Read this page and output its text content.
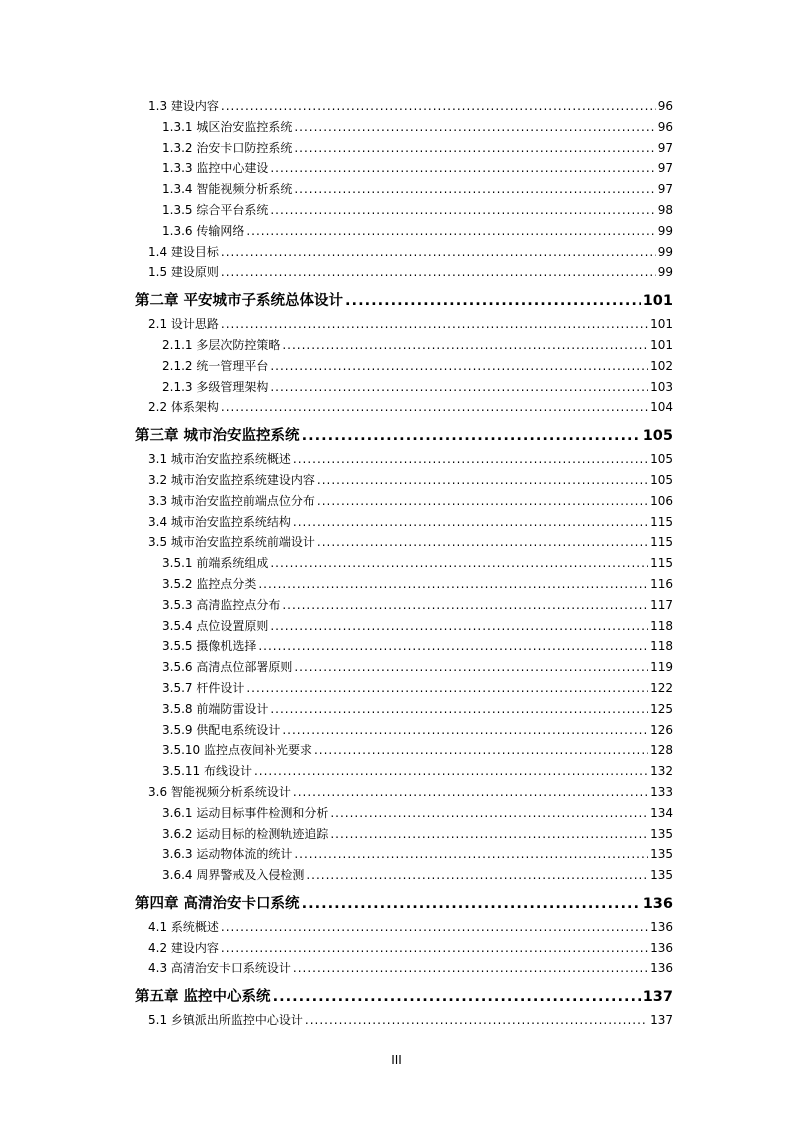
1.3 建设内容 .....	96
1.3.1 城区治安监控系统 .....	96
1.3.2 治安卡口防控系统 .....	97
1.3.3 监控中心建设 .....	97
1.3.4 智能视频分析系统 .....	97
1.3.5 综合平台系统 .....	98
1.3.6 传输网络 .....	99
1.4 建设目标 .....	99
1.5 建设原则 .....	99
第二章 平安城市子系统总体设计 .....	101
2.1 设计思路 .....	101
2.1.1 多层次防控策略 .....	101
2.1.2 统一管理平台 .....	102
2.1.3 多级管理架构 .....	103
2.2 体系架构 .....	104
第三章 城市治安监控系统 .....	105
3.1 城市治安监控系统概述 .....	105
3.2 城市治安监控系统建设内容 .....	105
3.3 城市治安监控前端点位分布 .....	106
3.4 城市治安监控系统结构 .....	115
3.5 城市治安监控系统前端设计 .....	115
3.5.1 前端系统组成 .....	115
3.5.2 监控点分类 .....	116
3.5.3 高清监控点分布 .....	117
3.5.4 点位设置原则 .....	118
3.5.5 摄像机选择 .....	118
3.5.6 高清点位部署原则 .....	119
3.5.7 杆件设计 .....	122
3.5.8 前端防雷设计 .....	125
3.5.9 供配电系统设计 .....	126
3.5.10 监控点夜间补光要求 .....	128
3.5.11 布线设计 .....	132
3.6 智能视频分析系统设计 .....	133
3.6.1 运动目标事件检测和分析 .....	134
3.6.2 运动目标的检测轨迹追踪 .....	135
3.6.3 运动物体流的统计 .....	135
3.6.4 周界警戒及入侵检测 .....	135
第四章 高清治安卡口系统 .....	136
4.1 系统概述 .....	136
4.2 建设内容 .....	136
4.3 高清治安卡口系统设计 .....	136
第五章 监控中心系统 .....	137
5.1 乡镇派出所监控中心设计 .....	137
III
